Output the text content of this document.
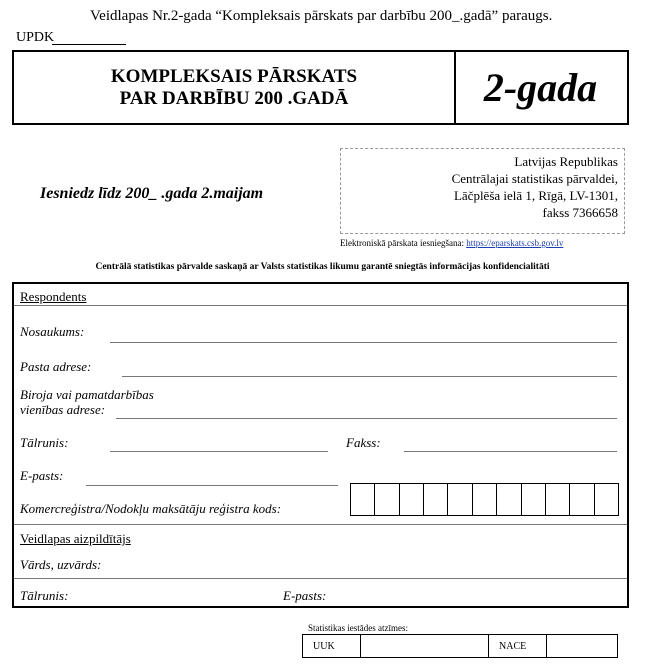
Veidlapas Nr.2-gada “Kompleksais pārskats par darbību 200_.gadā” paraugs.
UPDK
KOMPLEKSAIS PĀRSKATS
PAR DARBĪBU 200 .GADĀ	2-gada
Iesniedz līdz 200_ .gada 2.maijam
Latvijas Republikas
Centrālajai statistikas pārvaldei,
Lāčplēša ielā 1, Rīgā, LV-1301,
fakss 7366658
Elektroniskā pārskata iesniegšana: https://eparskats.csb.gov.lv
Centrālā statistikas pārvalde saskaņā ar Valsts statistikas likumu garantē sniegtās informācijas konfidencialitāti
Respondents
Nosaukums:
Pasta adrese:
Biroja vai pamatdarbības
vienības adrese:
Tālrunis:	Fakss:
E-pasts:
Komercreģistra/Nodokļu maksātāju reģistra kods:
Veidlapas aizpildītājs
Vārds, uzvārds:
Tālrunis:	E-pasts:
Statistikas iestādes atzīmes:
UUK	NACE
